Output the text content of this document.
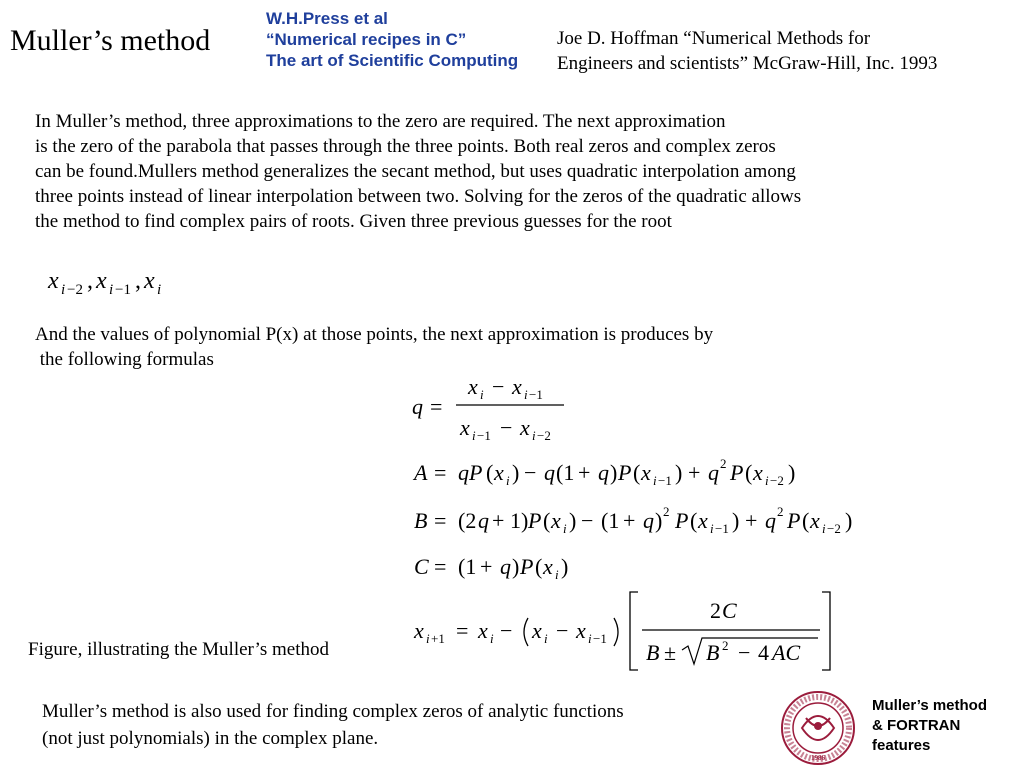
Muller’s method
W.H.Press et al
“Numerical recipes in C”
The art of Scientific Computing
Joe D. Hoffman “Numerical Methods for
Engineers and scientists” McGraw-Hill, Inc. 1993
In Muller’s method, three approximations to the zero are required. The next approximation
is the zero of the parabola that passes through the three points. Both real zeros and complex zeros
can be found.Mullers method generalizes the secant method, but uses quadratic interpolation among
three points instead of linear interpolation between two. Solving for the zeros of the quadratic allows
the method to find complex pairs of roots. Given three previous guesses for the root
x i −2 , x i −1 , x i
And the values of polynomial P(x) at those points, the next approximation is produces by
the following formulas
q =
x i − x i −1
x i −1 − x i −2
A = qP ( x i ) − q (1 + q ) P ( x i −1 ) + q 2 P ( x i −2 )
B = (2 q + 1) P ( x i ) − (1 + q ) 2 P ( x i −1 ) + q 2 P ( x i −2 )
C = (1 + q ) P ( x i )
x i +1 = x i − x i − x i −1
2 C
B ± B 2 − 4 AC
Figure, illustrating the Muller’s method
Muller’s method is also used for finding complex zeros of analytic functions
(not just polynomials) in the complex plane.
1986
Muller’s method
& FORTRAN
features
